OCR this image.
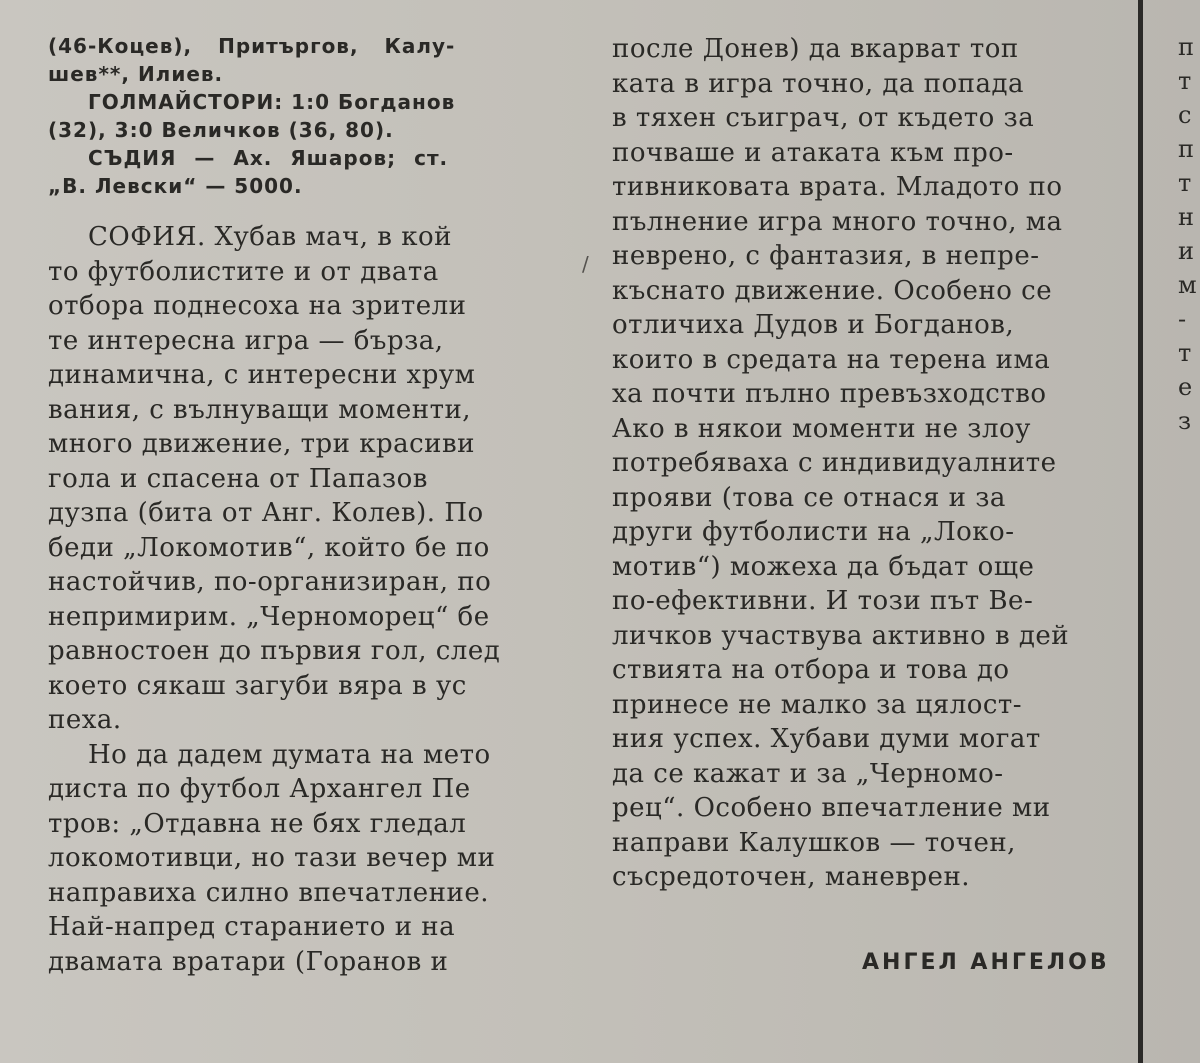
(46-Коцев), Притъргов, Калу-
шев**, Илиев.
ГОЛМАЙСТОРИ: 1:0 Богданов
(32), 3:0 Величков (36, 80).
СЪДИЯ — Ах. Яшаров; ст.
„В. Левски“ — 5000.
СОФИЯ. Хубав мач, в кой
то футболистите и от двата
отбора поднесоха на зрители
те интересна игра — бърза,
динамична, с интересни хрум
вания, с вълнуващи моменти,
много движение, три красиви
гола и спасена от Папазов
дузпа (бита от Анг. Колев). По
беди „Локомотив“, който бе по
настойчив, по-организиран, по
непримирим. „Черноморец“ бе
равностоен до първия гол, след
което сякаш загуби вяра в ус
пеха.
Но да дадем думата на мето
диста по футбол Архангел Пе
тров: „Отдавна не бях гледал
локомотивци, но тази вечер ми
направиха силно впечатление.
Най-напред старанието и на
двамата вратари (Горанов и
/
после Донев) да вкарват топ
ката в игра точно, да попада
в тяхен съиграч, от където за
почваше и атаката към про-
тивниковата врата. Младото по
пълнение игра много точно, ма
неврено, с фантазия, в непре-
къснато движение. Особено се
отличиха Дудов и Богданов,
които в средата на терена има
ха почти пълно превъзходство
Ако в някои моменти не злоу
потребяваха с индивидуалните
прояви (това се отнася и за
други футболисти на „Локо-
мотив“) можеха да бъдат още
по-ефективни. И този път Ве-
личков участвува активно в дей
ствията на отбора и това до
принесе не малко за цялост-
ния успех. Хубави думи могат
да се кажат и за „Черномо-
рец“. Особено впечатление ми
направи Калушков — точен,
съсредоточен, маневрен.
АНГЕЛ АНГЕЛОВ
п
т
с
п
т
н
и
м
-
т
е
з
